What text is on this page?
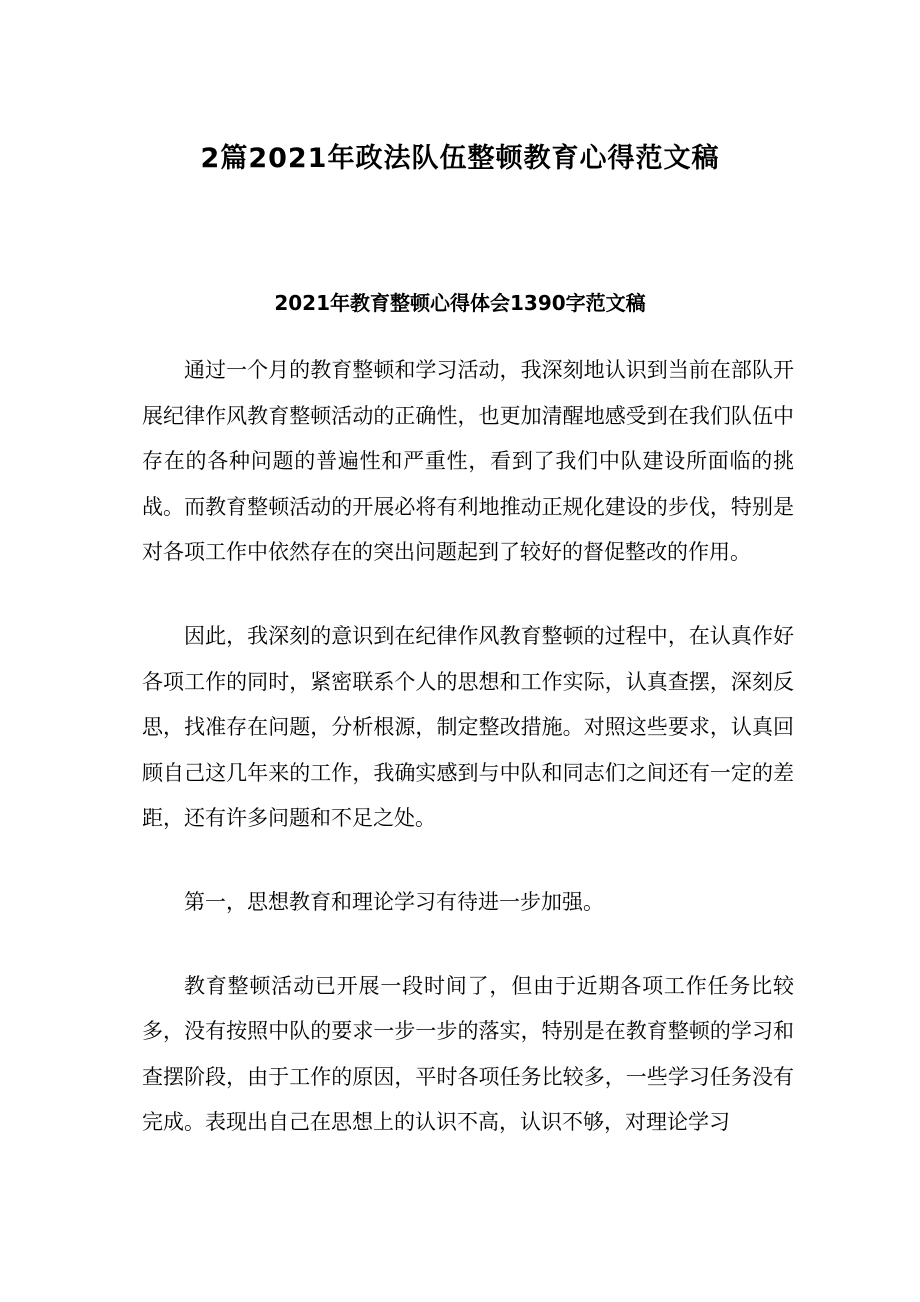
2篇2021年政法队伍整顿教育心得范文稿
2021年教育整顿心得体会1390字范文稿

通过一个月的教育整顿和学习活动，我深刻地认识到当前在部队开展纪律作风教育整顿活动的正确性，也更加清醒地感受到在我们队伍中存在的各种问题的普遍性和严重性，看到了我们中队建设所面临的挑战。而教育整顿活动的开展必将有利地推动正规化建设的步伐，特别是对各项工作中依然存在的突出问题起到了较好的督促整改的作用。

因此，我深刻的意识到在纪律作风教育整顿的过程中，在认真作好各项工作的同时，紧密联系个人的思想和工作实际，认真查摆，深刻反思，找准存在问题，分析根源，制定整改措施。对照这些要求，认真回顾自己这几年来的工作，我确实感到与中队和同志们之间还有一定的差距，还有许多问题和不足之处。

第一，思想教育和理论学习有待进一步加强。

教育整顿活动已开展一段时间了，但由于近期各项工作任务比较多，没有按照中队的要求一步一步的落实，特别是在教育整顿的学习和查摆阶段，由于工作的原因，平时各项任务比较多，一些学习任务没有完成。表现出自己在思想上的认识不高，认识不够，对理论学习
